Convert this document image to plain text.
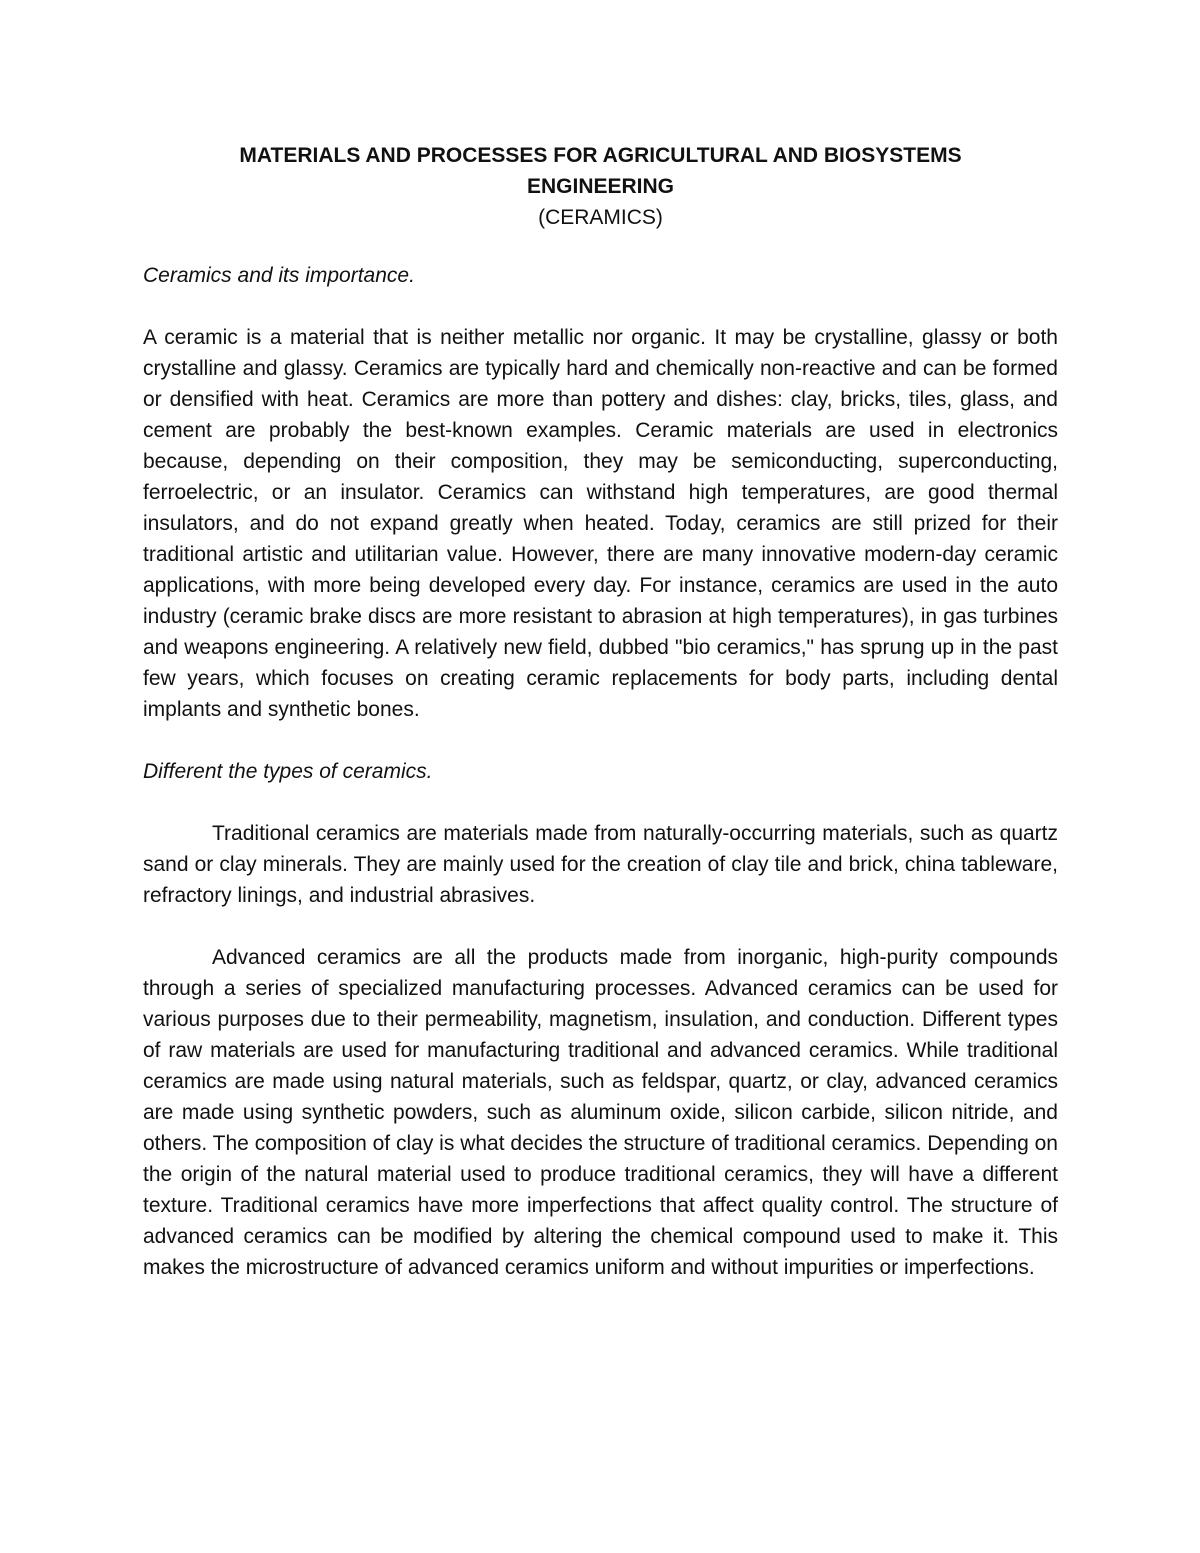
MATERIALS AND PROCESSES FOR AGRICULTURAL AND BIOSYSTEMS ENGINEERING

(CERAMICS)

Ceramics and its importance.

A ceramic is a material that is neither metallic nor organic. It may be crystalline, glassy or both crystalline and glassy. Ceramics are typically hard and chemically non-reactive and can be formed or densified with heat. Ceramics are more than pottery and dishes: clay, bricks, tiles, glass, and cement are probably the best-known examples. Ceramic materials are used in electronics because, depending on their composition, they may be semiconducting, superconducting, ferroelectric, or an insulator. Ceramics can withstand high temperatures, are good thermal insulators, and do not expand greatly when heated. Today, ceramics are still prized for their traditional artistic and utilitarian value. However, there are many innovative modern-day ceramic applications, with more being developed every day. For instance, ceramics are used in the auto industry (ceramic brake discs are more resistant to abrasion at high temperatures), in gas turbines and weapons engineering. A relatively new field, dubbed "bio ceramics," has sprung up in the past few years, which focuses on creating ceramic replacements for body parts, including dental implants and synthetic bones.

Different the types of ceramics.

Traditional ceramics are materials made from naturally-occurring materials, such as quartz sand or clay minerals. They are mainly used for the creation of clay tile and brick, china tableware, refractory linings, and industrial abrasives.

Advanced ceramics are all the products made from inorganic, high-purity compounds through a series of specialized manufacturing processes. Advanced ceramics can be used for various purposes due to their permeability, magnetism, insulation, and conduction. Different types of raw materials are used for manufacturing traditional and advanced ceramics. While traditional ceramics are made using natural materials, such as feldspar, quartz, or clay, advanced ceramics are made using synthetic powders, such as aluminum oxide, silicon carbide, silicon nitride, and others. The composition of clay is what decides the structure of traditional ceramics. Depending on the origin of the natural material used to produce traditional ceramics, they will have a different texture. Traditional ceramics have more imperfections that affect quality control. The structure of advanced ceramics can be modified by altering the chemical compound used to make it. This makes the microstructure of advanced ceramics uniform and without impurities or imperfections.
